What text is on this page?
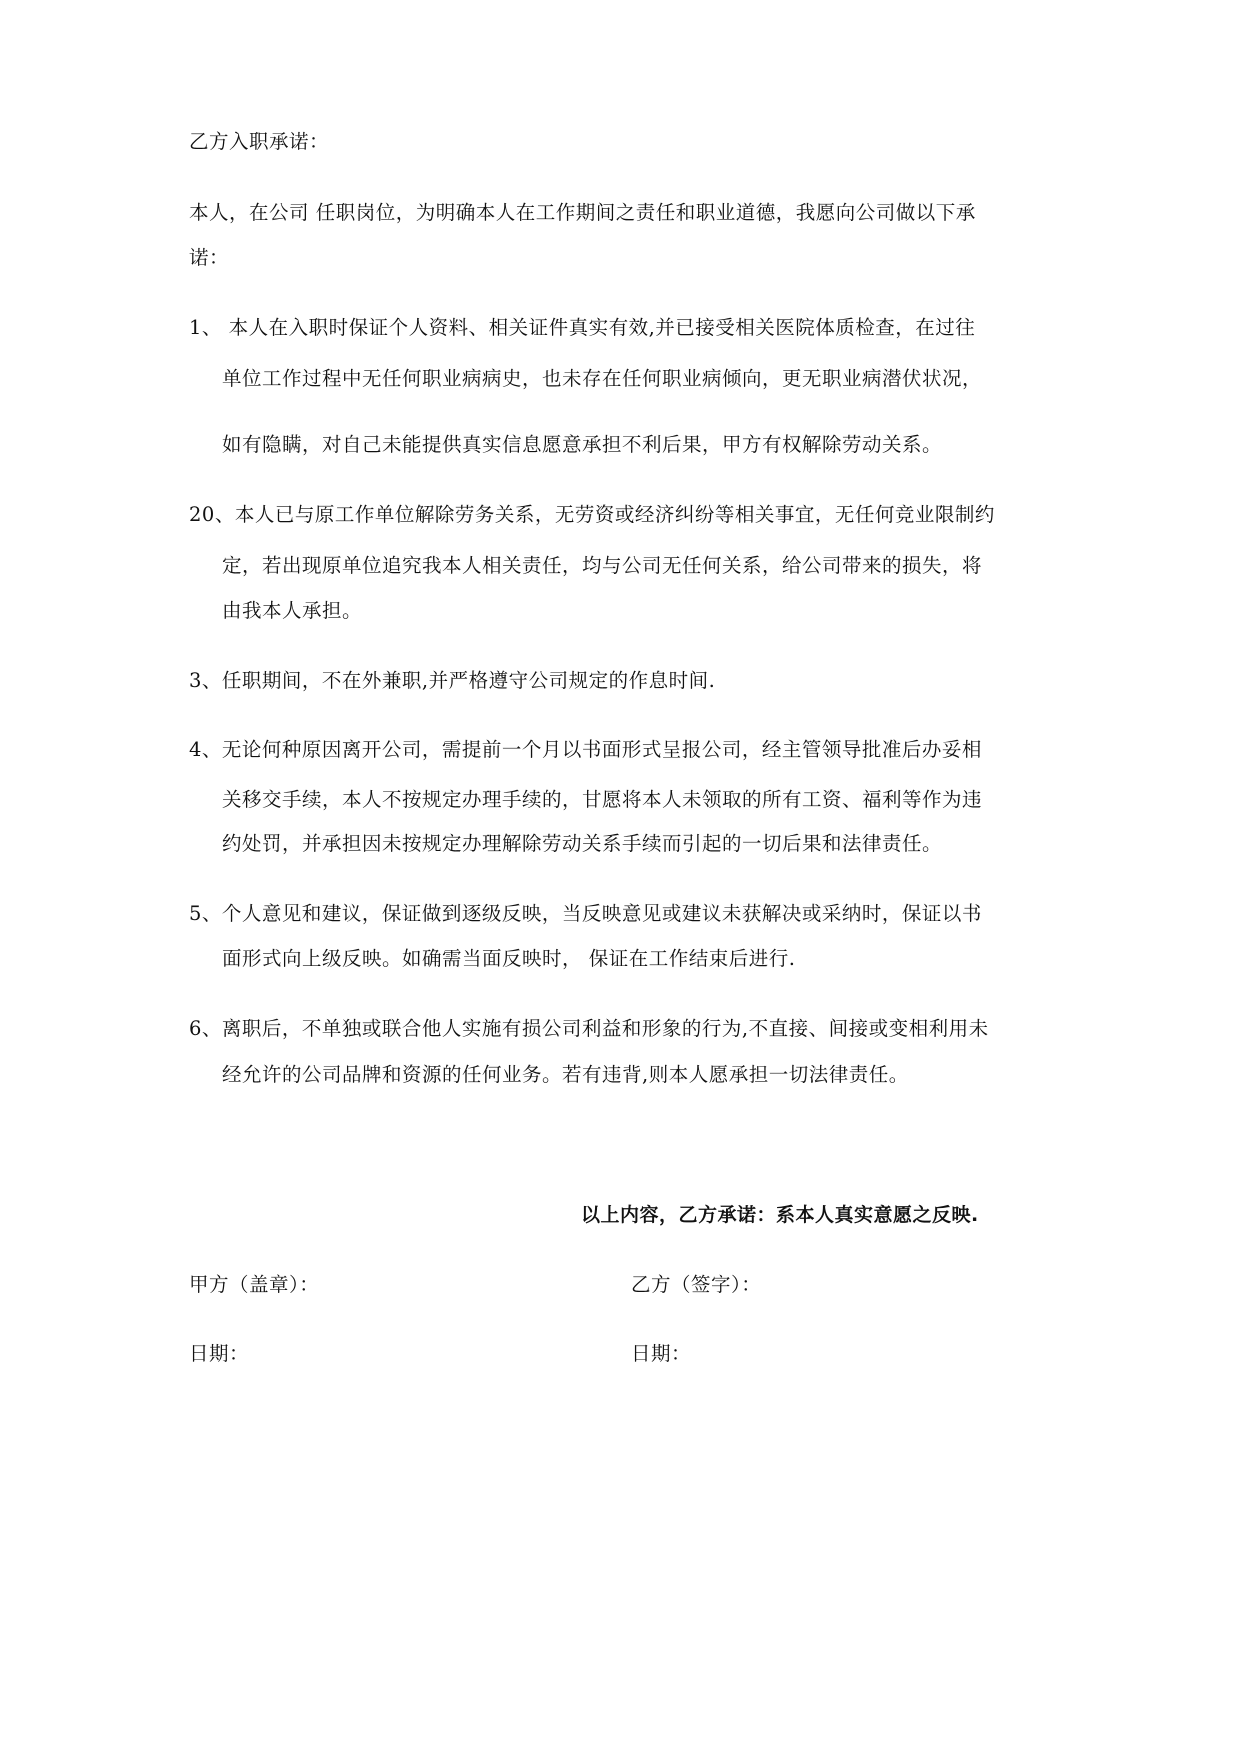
乙方入职承诺：
本人，在公司 任职岗位，为明确本人在工作期间之责任和职业道德，我愿向公司做以下承
诺：
1、 本人在入职时保证个人资料、相关证件真实有效,并已接受相关医院体质检查，在过往
单位工作过程中无任何职业病病史，也未存在任何职业病倾向，更无职业病潜伏状况，
如有隐瞒，对自己未能提供真实信息愿意承担不利后果，甲方有权解除劳动关系。
20、本人已与原工作单位解除劳务关系，无劳资或经济纠纷等相关事宜，无任何竞业限制约
定，若出现原单位追究我本人相关责任，均与公司无任何关系，给公司带来的损失，将
由我本人承担。
3、任职期间，不在外兼职,并严格遵守公司规定的作息时间.
4、无论何种原因离开公司，需提前一个月以书面形式呈报公司，经主管领导批准后办妥相
关移交手续，本人不按规定办理手续的，甘愿将本人未领取的所有工资、福利等作为违
约处罚，并承担因未按规定办理解除劳动关系手续而引起的一切后果和法律责任。
5、个人意见和建议，保证做到逐级反映，当反映意见或建议未获解决或采纳时，保证以书
面形式向上级反映。如确需当面反映时， 保证在工作结束后进行.
6、离职后，不单独或联合他人实施有损公司利益和形象的行为,不直接、间接或变相利用未
经允许的公司品牌和资源的任何业务。若有违背,则本人愿承担一切法律责任。
以上内容，乙方承诺：系本人真实意愿之反映.
甲方（盖章）：	乙方（签字）：
日期：	日期：
